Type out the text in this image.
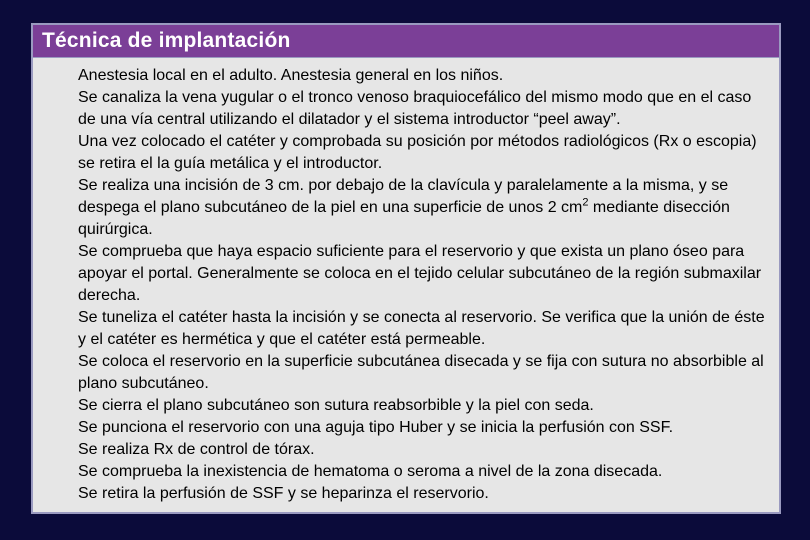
Técnica de implantación
Anestesia local en el adulto. Anestesia general en los niños.
Se canaliza la vena yugular o el tronco venoso braquiocefálico del mismo modo que en el caso de una vía central utilizando el dilatador y el sistema introductor “peel away”.
Una vez colocado el catéter y comprobada su posición por métodos radiológicos (Rx o escopia) se retira el la guía metálica y el introductor.
Se realiza una incisión de 3 cm. por debajo de la clavícula y paralelamente a la misma, y se despega el plano subcutáneo de la piel en una superficie de unos 2 $cm^2$ mediante disección quirúrgica.
Se comprueba que haya espacio suficiente para el reservorio y que exista un plano óseo para apoyar el portal. Generalmente se coloca en el tejido celular subcutáneo de la región submaxilar derecha.
Se tuneliza el catéter hasta la incisión y se conecta al reservorio. Se verifica que la unión de éste y el catéter es hermética y que el catéter está permeable.
Se coloca el reservorio en la superficie subcutánea disecada y se fija con sutura no absorbible al plano subcutáneo.
Se cierra el plano subcutáneo son sutura reabsorbible y la piel con seda.
Se punciona el reservorio con una aguja tipo Huber y se inicia la perfusión con SSF.
Se realiza Rx de control de tórax.
Se comprueba la inexistencia de hematoma o seroma a nivel de la zona disecada.
Se retira la perfusión de SSF y se heparinza el reservorio.
